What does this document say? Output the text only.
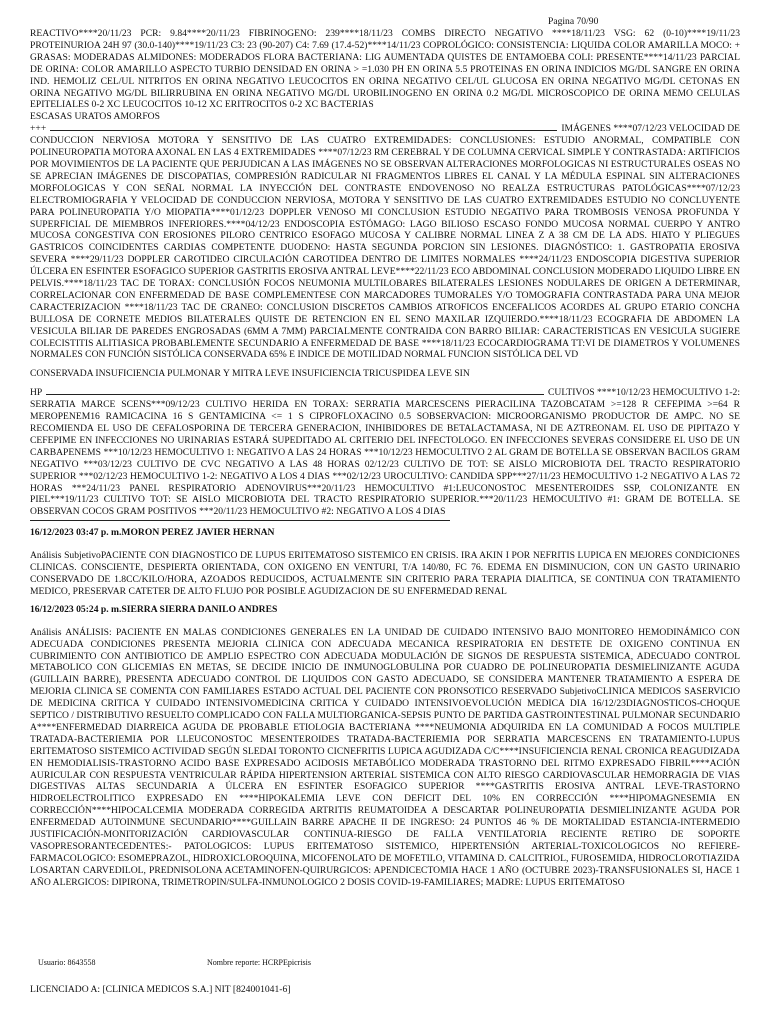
Pagina 70/90

REACTIVO****20/11/23 PCR: 9.84****20/11/23 FIBRINOGENO: 239****18/11/23 COMBS DIRECTO NEGATIVO ****18/11/23 VSG: 62 (0-10)****19/11/23 PROTEINURIOA 24H 97 (30.0-140)****19/11/23 C3: 23 (90-207) C4: 7.69 (17.4-52)****14/11/23 COPROLÓGICO: CONSISTENCIA: LIQUIDA COLOR AMARILLA MOCO: + GRASAS: MODERADAS ALMIDONES: MODERADOS FLORA BACTERIANA: LIG AUMENTADA QUISTES DE ENTAMOEBA COLI: PRESENTE****14/11/23 PARCIAL DE ORINA: COLOR AMARILLO ASPECTO TURBIO DENSIDAD EN ORINA > =1.030 PH EN ORINA 5.5 PROTEINAS EN ORINA INDICIOS MG/DL SANGRE EN ORINA IND. HEMOLIZ CEL/UL NITRITOS EN ORINA NEGATIVO LEUCOCITOS EN ORINA NEGATIVO CEL/UL GLUCOSA EN ORINA NEGATIVO MG/DL CETONAS EN ORINA NEGATIVO MG/DL BILIRRUBINA EN ORINA NEGATIVO MG/DL UROBILINOGENO EN ORINA 0.2 MG/DL MICROSCOPICO DE ORINA MEMO CELULAS EPITELIALES 0-2 XC LEUCOCITOS 10-12 XC ERITROCITOS 0-2 XC BACTERIAS

ESCASAS URATOS AMORFOS

+++	IMÁGENES ****07/12/23 VELOCIDAD DE

CONDUCCION NERVIOSA MOTORA Y SENSITIVO DE LAS CUATRO EXTREMIDADES: CONCLUSIONES: ESTUDIO ANORMAL, COMPATIBLE CON POLINEUROPATIA MOTORA AXONAL EN LAS 4 EXTREMIDADES ****07/12/23 RM CEREBRAL Y DE COLUMNA CERVICAL SIMPLE Y CONTRASTADA: ARTIFICIOS POR MOVIMIENTOS DE LA PACIENTE QUE PERJUDICAN A LAS IMÁGENES NO SE OBSERVAN ALTERACIONES MORFOLOGICAS NI ESTRUCTURALES OSEAS NO SE APRECIAN IMÁGENES DE DISCOPATIAS, COMPRESIÓN RADICULAR NI FRAGMENTOS LIBRES EL CANAL Y LA MÉDULA ESPINAL SIN ALTERACIONES MORFOLOGICAS Y CON SEÑAL NORMAL LA INYECCIÓN DEL CONTRASTE ENDOVENOSO NO REALZA ESTRUCTURAS PATOLÓGICAS****07/12/23 ELECTROMIOGRAFIA Y VELOCIDAD DE CONDUCCION NERVIOSA, MOTORA Y SENSITIVO DE LAS CUATRO EXTREMIDADES ESTUDIO NO CONCLUYENTE PARA POLINEUROPATIA Y/O MIOPATIA****01/12/23 DOPPLER VENOSO MI CONCLUSION ESTUDIO NEGATIVO PARA TROMBOSIS VENOSA PROFUNDA Y SUPERFICIAL DE MIEMBROS INFERIORES.****04/12/23 ENDOSCOPIA ESTÓMAGO: LAGO BILIOSO ESCASO FONDO MUCOSA NORMAL CUERPO Y ANTRO MUCOSA CONGESTIVA CON EROSIONES PILORO CENTRICO ESOFAGO MUCOSA Y CALIBRE NORMAL LINEA Z A 38 CM DE LA ADS. HIATO Y PLIEGUES GASTRICOS COINCIDENTES CARDIAS COMPETENTE DUODENO: HASTA SEGUNDA PORCION SIN LESIONES. DIAGNÓSTICO: 1. GASTROPATIA EROSIVA SEVERA ****29/11/23 DOPPLER CAROTIDEO CIRCULACIÓN CAROTIDEA DENTRO DE LIMITES NORMALES ****24/11/23 ENDOSCOPIA DIGESTIVA SUPERIOR ÚLCERA EN ESFINTER ESOFAGICO SUPERIOR GASTRITIS EROSIVA ANTRAL LEVE****22/11/23 ECO ABDOMINAL CONCLUSION MODERADO LIQUIDO LIBRE EN PELVIS.****18/11/23 TAC DE TORAX: CONCLUSIÓN FOCOS NEUMONIA MULTILOBARES BILATERALES LESIONES NODULARES DE ORIGEN A DETERMINAR, CORRELACIONAR CON ENFERMEDAD DE BASE COMPLEMENTESE CON MARCADORES TUMORALES Y/O TOMOGRAFIA CONTRASTADA PARA UNA MEJOR CARACTERIZACION ****18/11/23 TAC DE CRANEO: CONCLUSION DISCRETOS CAMBIOS ATROFICOS ENCEFALICOS ACORDES AL GRUPO ETARIO CONCHA BULLOSA DE CORNETE MEDIOS BILATERALES QUISTE DE RETENCION EN EL SENO MAXILAR IZQUIERDO.****18/11/23 ECOGRAFIA DE ABDOMEN LA VESICULA BILIAR DE PAREDES ENGROSADAS (6MM A 7MM) PARCIALMENTE CONTRAIDA CON BARRO BILIAR: CARACTERISTICAS EN VESICULA SUGIERE COLECISTITIS ALITIASICA PROBABLEMENTE SECUNDARIO A ENFERMEDAD DE BASE ****18/11/23 ECOCARDIOGRAMA TT:VI DE DIAMETROS Y VOLUMENES NORMALES CON FUNCIÓN SISTÓLICA CONSERVADA 65% E INDICE DE MOTILIDAD NORMAL FUNCION SISTÓLICA DEL VD

CONSERVADA INSUFICIENCIA PULMONAR Y MITRA LEVE INSUFICIENCIA TRICUSPIDEA LEVE SIN

HP	CULTIVOS ****10/12/23 HEMOCULTIVO 1-2:

SERRATIA MARCE SCENS***09/12/23 CULTIVO HERIDA EN TORAX: SERRATIA MARCESCENS PIERACILINA TAZOBCATAM >=128 R CEFEPIMA >=64 R MEROPENEM16 RAMICACINA 16 S GENTAMICINA <= 1 S CIPROFLOXACINO 0.5 SOBSERVACION: MICROORGANISMO PRODUCTOR DE AMPC. NO SE RECOMIENDA EL USO DE CEFALOSPORINA DE TERCERA GENERACION, INHIBIDORES DE BETALACTAMASA, NI DE AZTREONAM. EL USO DE PIPITAZO Y CEFEPIME EN INFECCIONES NO URINARIAS ESTARÁ SUPEDITADO AL CRITERIO DEL INFECTOLOGO. EN INFECCIONES SEVERAS CONSIDERE EL USO DE UN CARBAPENEMS ***10/12/23 HEMOCULTIVO 1: NEGATIVO A LAS 24 HORAS ***10/12/23 HEMOCULTIVO 2 AL GRAM DE BOTELLA SE OBSERVAN BACILOS GRAM NEGATIVO ***03/12/23 CULTIVO DE CVC NEGATIVO A LAS 48 HORAS 02/12/23 CULTIVO DE TOT: SE AISLO MICROBIOTA DEL TRACTO RESPIRATORIO SUPERIOR ***02/12/23 HEMOCULTIVO 1-2: NEGATIVO A LOS 4 DIAS ***02/12/23 UROCULTIVO: CANDIDA SPP***27/11/23 HEMOCULTIVO 1-2 NEGATIVO A LAS 72 HORAS ***24/11/23 PANEL RESPIRATORIO ADENOVIRUS***20/11/23 HEMOCULTIVO #1:LEUCONOSTOC MESENTEROIDES SSP, COLONIZANTE EN PIEL***19/11/23 CULTIVO TOT: SE AISLO MICROBIOTA DEL TRACTO RESPIRATORIO SUPERIOR.***20/11/23 HEMOCULTIVO #1: GRAM DE BOTELLA. SE OBSERVAN COCOS GRAM POSITIVOS ***20/11/23 HEMOCULTIVO #2: NEGATIVO A LOS 4 DIAS

16/12/2023 03:47 p. m.MORON PEREZ JAVIER HERNAN

Análisis SubjetivoPACIENTE CON DIAGNOSTICO DE LUPUS ERITEMATOSO SISTEMICO EN CRISIS. IRA AKIN I POR NEFRITIS LUPICA EN MEJORES CONDICIONES CLINICAS. CONSCIENTE, DESPIERTA ORIENTADA, CON OXIGENO EN VENTURI, T/A 140/80, FC 76. EDEMA EN DISMINUCION, CON UN GASTO URINARIO CONSERVADO DE 1.8CC/KILO/HORA, AZOADOS REDUCIDOS, ACTUALMENTE SIN CRITERIO PARA TERAPIA DIALITICA, SE CONTINUA CON TRATAMIENTO MEDICO, PRESERVAR CATETER DE ALTO FLUJO POR POSIBLE AGUDIZACION DE SU ENFERMEDAD RENAL

16/12/2023 05:24 p. m.SIERRA SIERRA DANILO ANDRES

Análisis ANÁLISIS: PACIENTE EN MALAS CONDICIONES GENERALES EN LA UNIDAD DE CUIDADO INTENSIVO BAJO MONITOREO HEMODINÁMICO CON ADECUADA CONDICIONES PRESENTA MEJORIA CLINICA CON ADECUADA MECANICA RESPIRATORIA EN DESTETE DE OXIGENO CONTINUA EN CUBRIMIENTO CON ANTIBIOTICO DE AMPLIO ESPECTRO CON ADECUADA MODULACIÓN DE SIGNOS DE RESPUESTA SISTEMICA, ADECUADO CONTROL METABOLICO CON GLICEMIAS EN METAS, SE DECIDE INICIO DE INMUNOGLOBULINA POR CUADRO DE POLINEUROPATIA DESMIELINIZANTE AGUDA (GUILLAIN BARRE), PRESENTA ADECUADO CONTROL DE LIQUIDOS CON GASTO ADECUADO, SE CONSIDERA MANTENER TRATAMIENTO A ESPERA DE MEJORIA CLINICA SE COMENTA CON FAMILIARES ESTADO ACTUAL DEL PACIENTE CON PRONSOTICO RESERVADO SubjetivoCLINICA MEDICOS SASERVICIO DE MEDICINA CRITICA Y CUIDADO INTENSIVOMEDICINA CRITICA Y CUIDADO INTENSIVOEVOLUCIÓN MEDICA DIA 16/12/23DIAGNOSTICOS-CHOQUE SEPTICO / DISTRIBUTIVO RESUELTO COMPLICADO CON FALLA MULTIORGANICA-SEPSIS PUNTO DE PARTIDA GASTROINTESTINAL PULMONAR SECUNDARIO A****ENFERMEDAD DIARREICA AGUDA DE PROBABLE ETIOLOGIA BACTERIANA ****NEUMONIA ADQUIRIDA EN LA COMUNIDAD A FOCOS MULTIPLE TRATADA-BACTERIEMIA POR LLEUCONOSTOC MESENTEROIDES TRATADA-BACTERIEMIA POR SERRATIA MARCESCENS EN TRATAMIENTO-LUPUS ERITEMATOSO SISTEMICO ACTIVIDAD SEGÚN SLEDAI TORONTO CICNEFRITIS LUPICA AGUDIZADA C/C****INSUFICIENCIA RENAL CRONICA REAGUDIZADA EN HEMODIALISIS-TRASTORNO ACIDO BASE EXPRESADO ACIDOSIS METABÓLICO MODERADA TRASTORNO DEL RITMO EXPRESADO FIBRIL****ACIÓN AURICULAR CON RESPUESTA VENTRICULAR RÁPIDA HIPERTENSION ARTERIAL SISTEMICA CON ALTO RIESGO CARDIOVASCULAR HEMORRAGIA DE VIAS DIGESTIVAS ALTAS SECUNDARIA A ÚLCERA EN ESFINTER ESOFAGICO SUPERIOR ****GASTRITIS EROSIVA ANTRAL LEVE-TRASTORNO HIDROELECTROLITICO EXPRESADO EN ****HIPOKALEMIA LEVE CON DEFICIT DEL 10% EN CORRECCIÓN ****HIPOMAGNESEMIA EN CORRECCIÓN****HIPOCALCEMIA MODERADA CORREGIDA ARTRITIS REUMATOIDEA A DESCARTAR POLINEUROPATIA DESMIELINIZANTE AGUDA POR ENFERMEDAD AUTOINMUNE SECUNDARIO****GUILLAIN BARRE APACHE II DE INGRESO: 24 PUNTOS 46 % DE MORTALIDAD ESTANCIA-INTERMEDIO JUSTIFICACIÓN-MONITORIZACIÓN CARDIOVASCULAR CONTINUA-RIESGO DE FALLA VENTILATORIA RECIENTE RETIRO DE SOPORTE VASOPRESORANTECEDENTES:- PATOLOGICOS: LUPUS ERITEMATOSO SISTEMICO, HIPERTENSIÓN ARTERIAL-TOXICOLOGICOS NO REFIERE-FARMACOLOGICO: ESOMEPRAZOL, HIDROXICLOROQUINA, MICOFENOLATO DE MOFETILO, VITAMINA D. CALCITRIOL, FUROSEMIDA, HIDROCLOROTIAZIDA LOSARTAN CARVEDILOL, PREDNISOLONA ACETAMINOFEN-QUIRURGICOS: APENDICECTOMIA HACE 1 AÑO (OCTUBRE 2023)-TRANSFUSIONALES SI, HACE 1 AÑO ALERGICOS: DIPIRONA, TRIMETROPIN/SULFA-INMUNOLOGICO 2 DOSIS COVID-19-FAMILIARES; MADRE: LUPUS ERITEMATOSO

Usuario: 8643558	Nombre reporte: HCRPEpicrisis
LICENCIADO A: [CLINICA MEDICOS S.A.] NIT [824001041-6]
